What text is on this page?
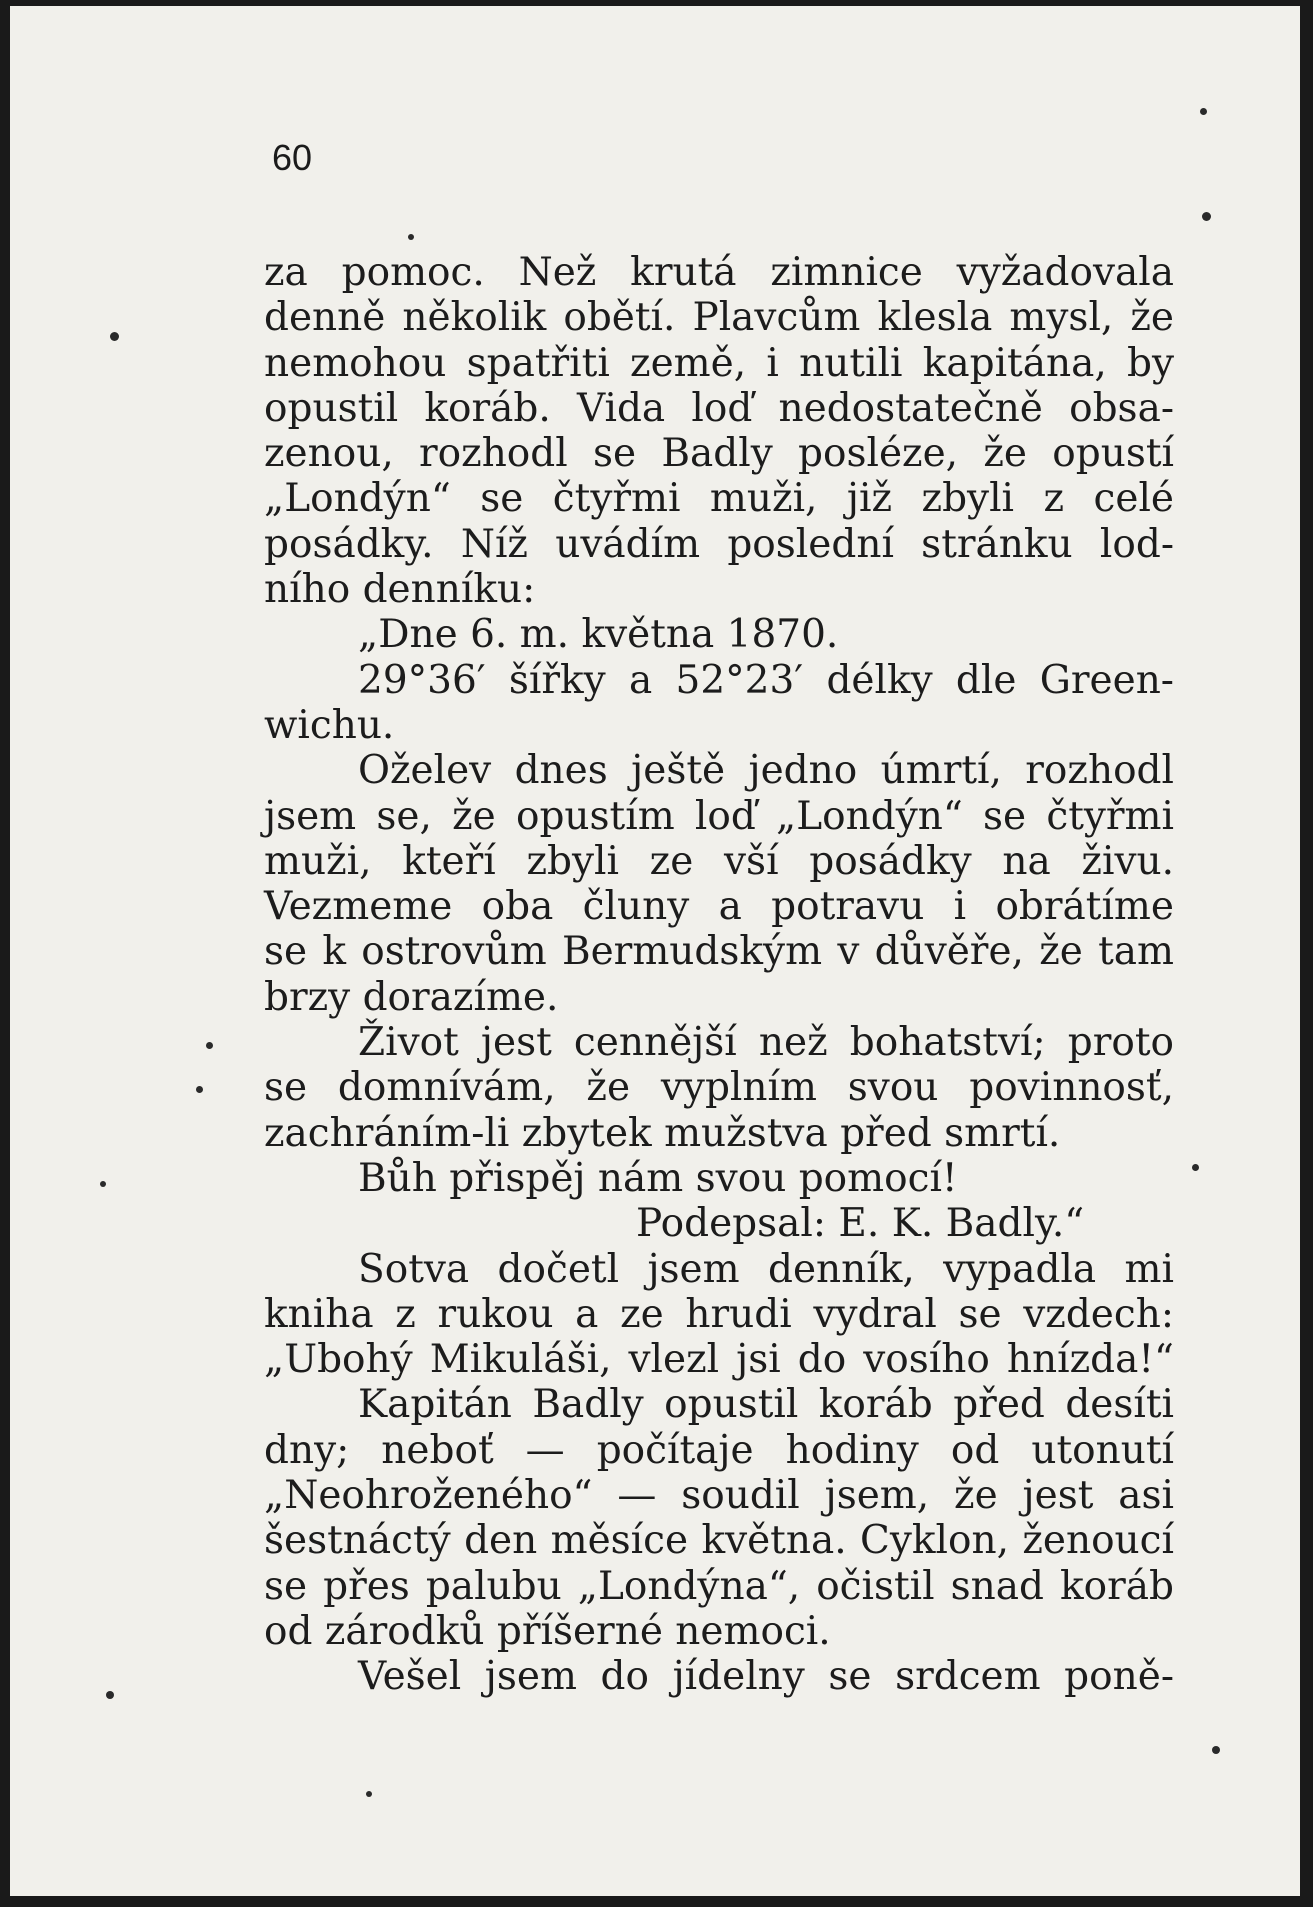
60
za pomoc. Než krutá zimnice vyžadovala
denně několik obětí. Plavcům klesla mysl, že
nemohou spatřiti země, i nutili kapitána, by
opustil koráb. Vida loď nedostatečně obsa-
zenou, rozhodl se Badly posléze, že opustí
„Londýn“ se čtyřmi muži, již zbyli z celé
posádky. Níž uvádím poslední stránku lod-
ního denníku:
„Dne 6. m. května 1870.
29°36′ šířky a 52°23′ délky dle Green-
wichu.
Oželev dnes ještě jedno úmrtí, rozhodl
jsem se, že opustím loď „Londýn“ se čtyřmi
muži, kteří zbyli ze vší posádky na živu.
Vezmeme oba čluny a potravu i obrátíme
se k ostrovům Bermudským v důvěře, že tam
brzy dorazíme.
Život jest cennější než bohatství; proto
se domnívám, že vyplním svou povinnosť,
zachráním-li zbytek mužstva před smrtí.
Bůh přispěj nám svou pomocí!
Podepsal: E. K. Badly.“
Sotva dočetl jsem denník, vypadla mi
kniha z rukou a ze hrudi vydral se vzdech:
„Ubohý Mikuláši, vlezl jsi do vosího hnízda!“
Kapitán Badly opustil koráb před desíti
dny; neboť — počítaje hodiny od utonutí
„Neohroženého“ — soudil jsem, že jest asi
šestnáctý den měsíce května. Cyklon, ženoucí
se přes palubu „Londýna“, očistil snad koráb
od zárodků příšerné nemoci.
Vešel jsem do jídelny se srdcem poně-
